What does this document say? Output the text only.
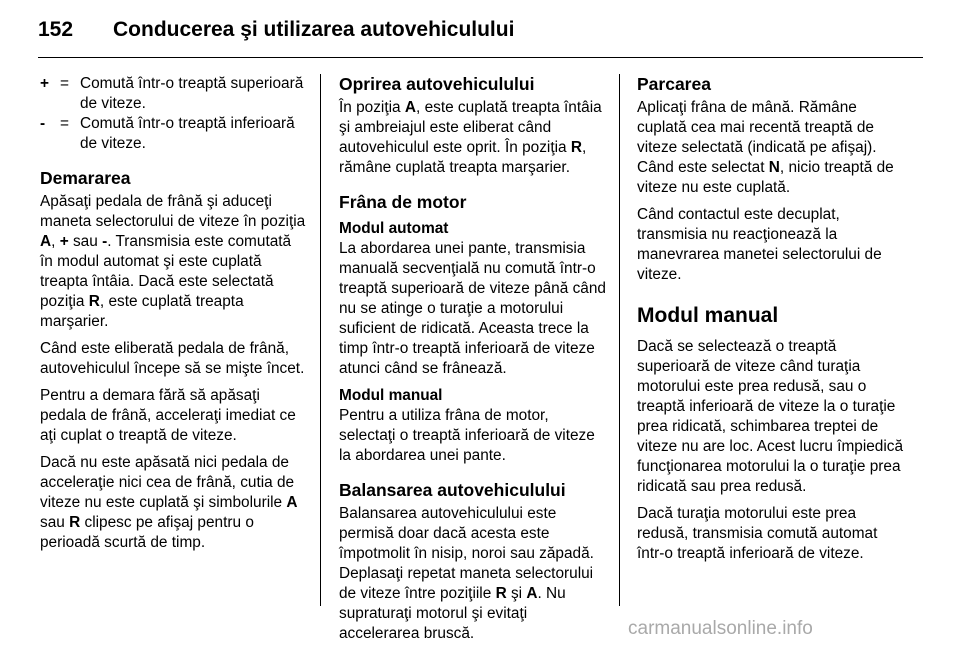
152 Conducerea şi utilizarea autovehiculului
+ = Comută într-o treaptă superioară de viteze.
- = Comută într-o treaptă inferioară de viteze.
Demararea

Apăsaţi pedala de frână şi aduceţi maneta selectorului de viteze în poziţia A, + sau -. Transmisia este comutată în modul automat şi este cuplată treapta întâia. Dacă este selectată poziţia R, este cuplată treapta marşarier.

Când este eliberată pedala de frână, autovehiculul începe să se mişte încet.

Pentru a demara fără să apăsaţi pedala de frână, acceleraţi imediat ce aţi cuplat o treaptă de viteze.

Dacă nu este apăsată nici pedala de acceleraţie nici cea de frână, cutia de viteze nu este cuplată şi simbolurile A sau R clipesc pe afişaj pentru o perioadă scurtă de timp.

Oprirea autovehiculului

În poziţia A, este cuplată treapta întâia şi ambreiajul este eliberat când autovehiculul este oprit. În poziţia R, rămâne cuplată treapta marşarier.

Frâna de motor
Modul automat

La abordarea unei pante, transmisia manuală secvenţială nu comută într-o treaptă superioară de viteze până când nu se atinge o turaţie a motorului suficient de ridicată. Aceasta trece la timp într-o treaptă inferioară de viteze atunci când se frânează.

Modul manual

Pentru a utiliza frâna de motor, selectaţi o treaptă inferioară de viteze la abordarea unei pante.

Balansarea autovehiculului

Balansarea autovehiculului este permisă doar dacă acesta este împotmolit în nisip, noroi sau zăpadă. Deplasaţi repetat maneta selectorului de viteze între poziţiile R şi A. Nu supraturaţi motorul şi evitaţi accelerarea bruscă.

Parcarea

Aplicaţi frâna de mână. Rămâne cuplată cea mai recentă treaptă de viteze selectată (indicată pe afişaj). Când este selectat N, nicio treaptă de viteze nu este cuplată.

Când contactul este decuplat, transmisia nu reacţionează la manevrarea manetei selectorului de viteze.

Modul manual

Dacă se selectează o treaptă superioară de viteze când turaţia motorului este prea redusă, sau o treaptă inferioară de viteze la o turaţie prea ridicată, schimbarea treptei de viteze nu are loc. Acest lucru împiedică funcţionarea motorului la o turaţie prea ridicată sau prea redusă.

Dacă turaţia motorului este prea redusă, transmisia comută automat într-o treaptă inferioară de viteze.

carmanualsonline.info
